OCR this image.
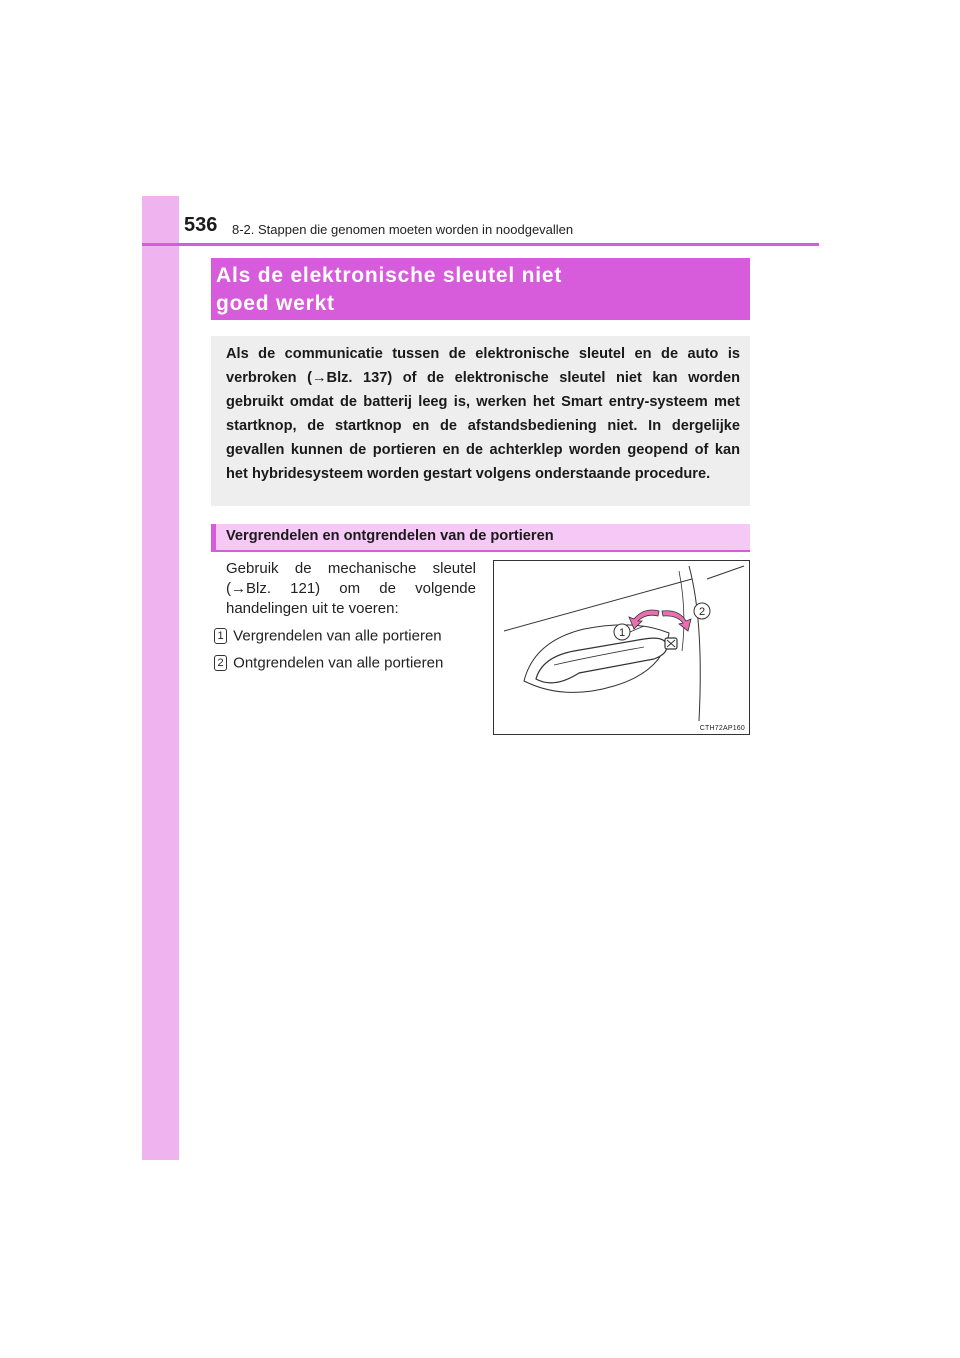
536 8-2. Stappen die genomen moeten worden in noodgevallen
Als de elektronische sleutel niet
goed werkt

Als de communicatie tussen de elektronische sleutel en de auto is verbroken (→Blz. 137) of de elektronische sleutel niet kan worden gebruikt omdat de batterij leeg is, werken het Smart entry-systeem met startknop, de startknop en de afstandsbediening niet. In dergelijke gevallen kunnen de portieren en de achterklep worden geopend of kan het hybridesysteem worden gestart volgens onderstaande procedure.

Vergrendelen en ontgrendelen van de portieren

Gebruik de mechanische sleutel (→Blz. 121) om de volgende handelingen uit te voeren:

1 Vergrendelen van alle portieren
2 Ontgrendelen van alle portieren
1
2
CTH72AP160
